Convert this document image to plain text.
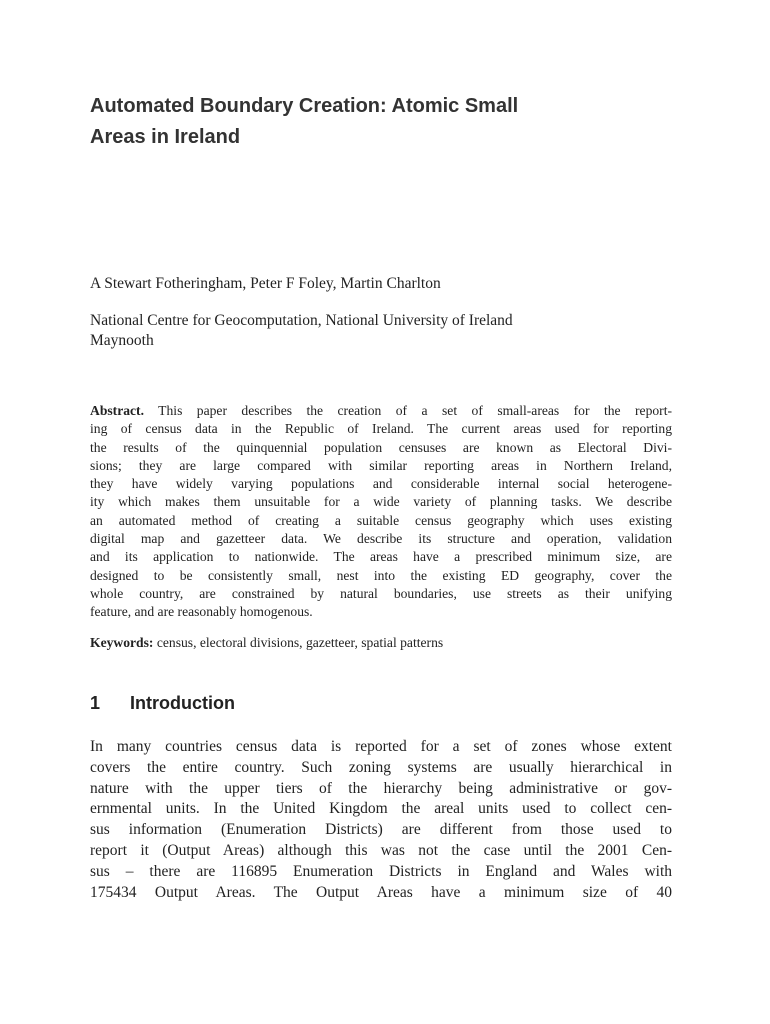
Automated Boundary Creation: Atomic Small
Areas in Ireland

A Stewart Fotheringham, Peter F Foley, Martin Charlton

National Centre for Geocomputation, National University of Ireland
Maynooth

Abstract. This paper describes the creation of a set of small-areas for the report-
ing of census data in the Republic of Ireland. The current areas used for reporting
the results of the quinquennial population censuses are known as Electoral Divi-
sions; they are large compared with similar reporting areas in Northern Ireland,
they have widely varying populations and considerable internal social heterogene-
ity which makes them unsuitable for a wide variety of planning tasks. We describe
an automated method of creating a suitable census geography which uses existing
digital map and gazetteer data. We describe its structure and operation, validation
and its application to nationwide. The areas have a prescribed minimum size, are
designed to be consistently small, nest into the existing ED geography, cover the
whole country, are constrained by natural boundaries, use streets as their unifying
feature, and are reasonably homogenous.

Keywords: census, electoral divisions, gazetteer, spatial patterns

1 Introduction
In many countries census data is reported for a set of zones whose extent
covers the entire country. Such zoning systems are usually hierarchical in
nature with the upper tiers of the hierarchy being administrative or gov-
ernmental units. In the United Kingdom the areal units used to collect cen-
sus information (Enumeration Districts) are different from those used to
report it (Output Areas) although this was not the case until the 2001 Cen-
sus – there are 116895 Enumeration Districts in England and Wales with
175434 Output Areas. The Output Areas have a minimum size of 40
